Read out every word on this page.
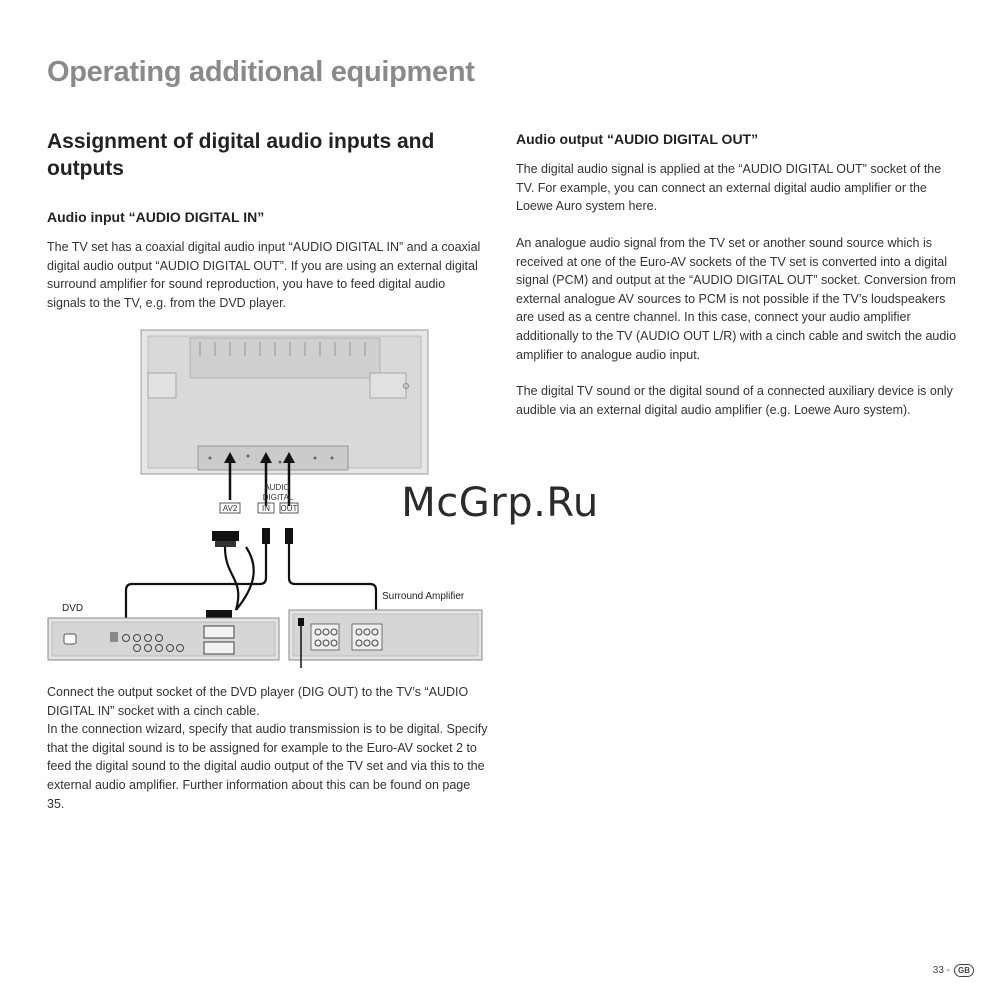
Operating additional equipment
Assignment of digital audio inputs and outputs
Audio input “AUDIO DIGITAL IN”

The TV set has a coaxial digital audio input “AUDIO DIGITAL IN” and a coaxial digital audio output “AUDIO DIGITAL OUT”. If you are using an external digital surround amplifier for sound reproduction, you have to feed digital audio signals to the TV, e.g. from the DVD player.

AUDIO
DIGITAL
AV2	IN OUT
DVD
Surround Amplifier

Connect the output socket of the DVD player (DIG OUT) to the TV’s “AUDIO DIGITAL IN” socket with a cinch cable.
In the connection wizard, specify that audio transmission is to be digital. Specify that the digital sound is to be assigned for example to the Euro-AV socket 2 to feed the digital sound to the digital audio output of the TV set and via this to the external audio amplifier. Further information about this can be found on page 35.

Audio output “AUDIO DIGITAL OUT”

The digital audio signal is applied at the “AUDIO DIGITAL OUT” socket of the TV. For example, you can connect an external digital audio amplifier or the Loewe Auro system here.

An analogue audio signal from the TV set or another sound source which is received at one of the Euro-AV sockets of the TV set is converted into a digital signal (PCM) and output at the “AUDIO DIGITAL OUT” socket. Conversion from external analogue AV sources to PCM is not possible if the TV’s loudspeakers are used as a centre channel. In this case, connect your audio amplifier additionally to the TV (AUDIO OUT L/R) with a cinch cable and switch the audio amplifier to analogue audio input.

The digital TV sound or the digital sound of a connected auxiliary device is only audible via an external digital audio amplifier (e.g. Loewe Auro system).

McGrp.Ru
33 -	GB
